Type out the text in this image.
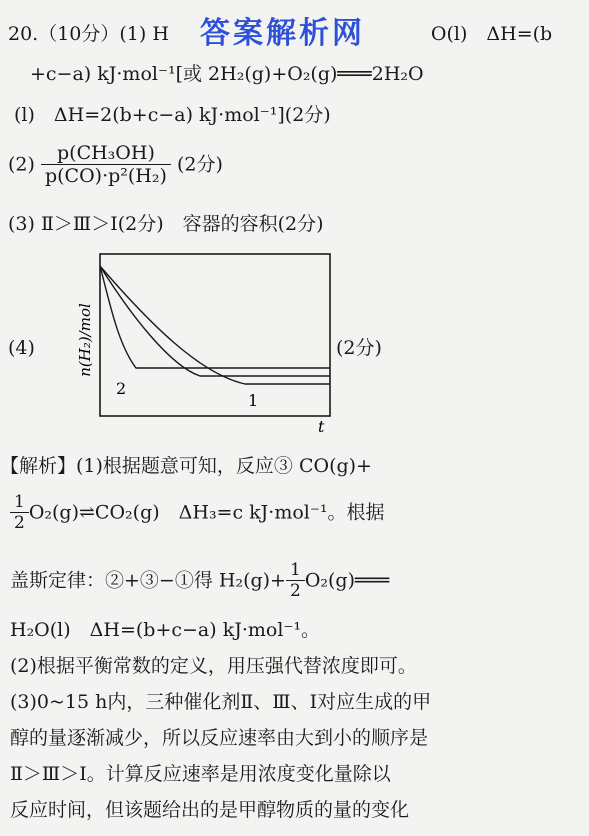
答案解析网
20.（10分）(1) H	O(l)　ΔH=(b
+c−a) kJ·mol⁻¹[或 2H₂(g)+O₂(g)═══2H₂O
(l)　ΔH=2(b+c−a) kJ·mol⁻¹](2分)
$(2) \frac{\text{p(CH₃OH)}}{\text{p(CO)·p²(H₂)}} (2$分)
(3) Ⅱ＞Ⅲ＞Ⅰ(2分)　容器的容积(2分)
(4)	(2分)
n(H₂)/mol
t
2
1
【解析】(1)根据题意可知，反应③ CO(g)+
$\frac{1}{2}$ O₂(g)⇌CO₂(g)　ΔH₃=c kJ·mol⁻¹。根据
盖斯定律：②+③−①得 $H_2(g)+ \frac{1}{2}$ O₂(g)═══
H₂O(l)　ΔH=(b+c−a) kJ·mol⁻¹。
(2)根据平衡常数的定义，用压强代替浓度即可。
(3)0~15 h内，三种催化剂Ⅱ、Ⅲ、Ⅰ对应生成的甲
醇的量逐渐减少，所以反应速率由大到小的顺序是
Ⅱ＞Ⅲ＞Ⅰ。计算反应速率是用浓度变化量除以
反应时间，但该题给出的是甲醇物质的量的变化
